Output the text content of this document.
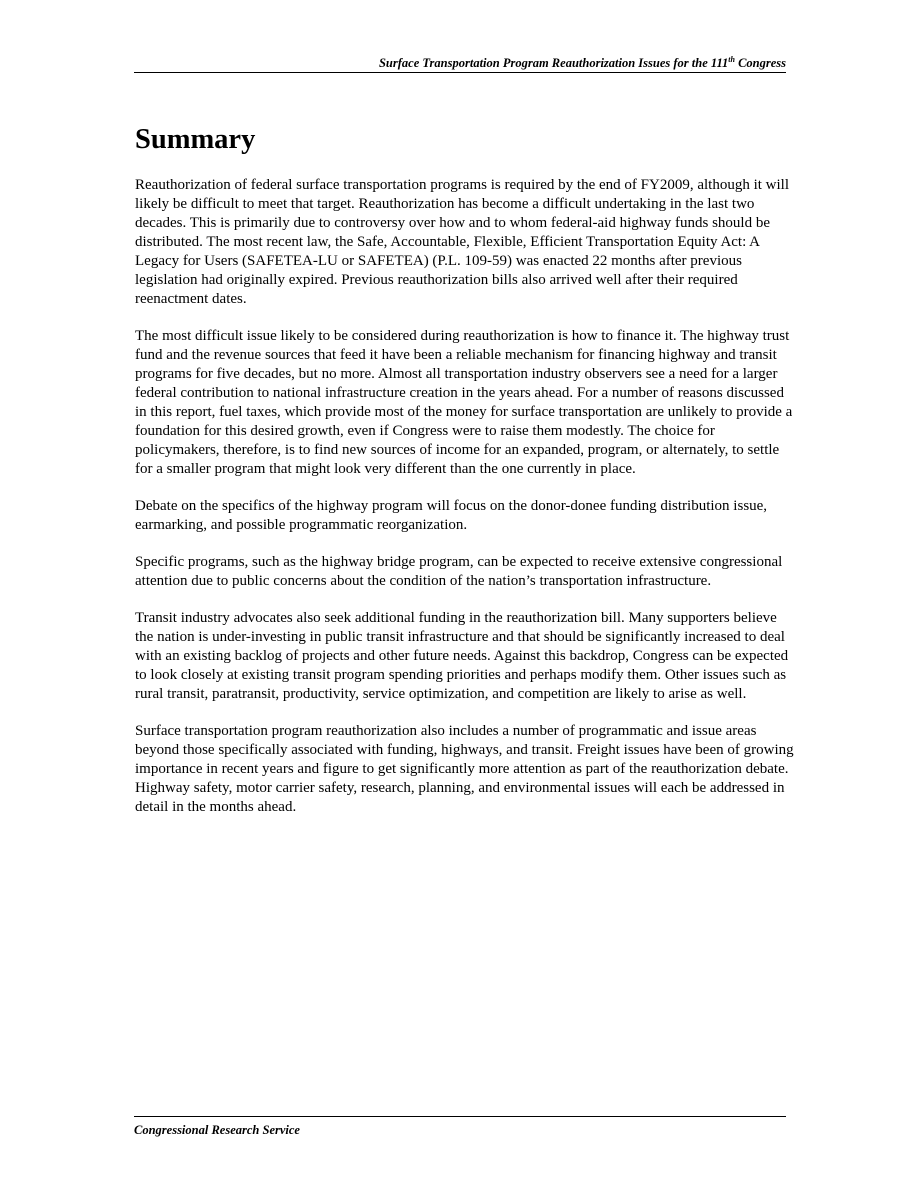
Surface Transportation Program Reauthorization Issues for the 111th Congress
Summary

Reauthorization of federal surface transportation programs is required by the end of FY2009, although it will likely be difficult to meet that target. Reauthorization has become a difficult undertaking in the last two decades. This is primarily due to controversy over how and to whom federal-aid highway funds should be distributed. The most recent law, the Safe, Accountable, Flexible, Efficient Transportation Equity Act: A Legacy for Users (SAFETEA-LU or SAFETEA) (P.L. 109-59) was enacted 22 months after previous legislation had originally expired. Previous reauthorization bills also arrived well after their required reenactment dates.

The most difficult issue likely to be considered during reauthorization is how to finance it. The highway trust fund and the revenue sources that feed it have been a reliable mechanism for financing highway and transit programs for five decades, but no more. Almost all transportation industry observers see a need for a larger federal contribution to national infrastructure creation in the years ahead. For a number of reasons discussed in this report, fuel taxes, which provide most of the money for surface transportation are unlikely to provide a foundation for this desired growth, even if Congress were to raise them modestly. The choice for policymakers, therefore, is to find new sources of income for an expanded, program, or alternately, to settle for a smaller program that might look very different than the one currently in place.

Debate on the specifics of the highway program will focus on the donor-donee funding distribution issue, earmarking, and possible programmatic reorganization.

Specific programs, such as the highway bridge program, can be expected to receive extensive congressional attention due to public concerns about the condition of the nation’s transportation infrastructure.

Transit industry advocates also seek additional funding in the reauthorization bill. Many supporters believe the nation is under-investing in public transit infrastructure and that should be significantly increased to deal with an existing backlog of projects and other future needs. Against this backdrop, Congress can be expected to look closely at existing transit program spending priorities and perhaps modify them. Other issues such as rural transit, paratransit, productivity, service optimization, and competition are likely to arise as well.

Surface transportation program reauthorization also includes a number of programmatic and issue areas beyond those specifically associated with funding, highways, and transit. Freight issues have been of growing importance in recent years and figure to get significantly more attention as part of the reauthorization debate. Highway safety, motor carrier safety, research, planning, and environmental issues will each be addressed in detail in the months ahead.

Congressional Research Service
